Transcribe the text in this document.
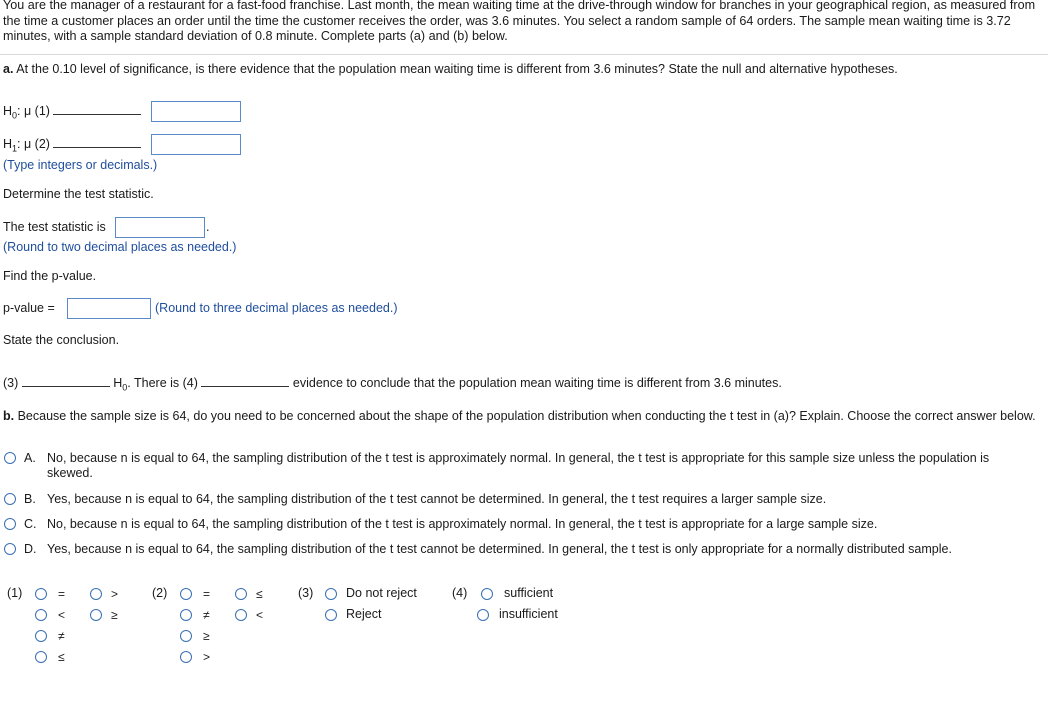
You are the manager of a restaurant for a fast-food franchise. Last month, the mean waiting time at the drive-through window for branches in your geographical region, as measured from the time a customer places an order until the time the customer receives the order, was 3.6 minutes. You select a random sample of 64 orders. The sample mean waiting time is 3.72 minutes, with a sample standard deviation of 0.8 minute. Complete parts (a) and (b) below.
a. At the 0.10 level of significance, is there evidence that the population mean waiting time is different from 3.6 minutes? State the null and alternative hypotheses.
$H_0$: μ (1)
$H_1$: μ (2)
(Type integers or decimals.)
Determine the test statistic.
The test statistic is	.
(Round to two decimal places as needed.)
Find the p-value.
p-value =	(Round to three decimal places as needed.)
State the conclusion.
(3)	$H_0$. There is (4)	evidence to conclude that the population mean waiting time is different from 3.6 minutes.
b. Because the sample size is 64, do you need to be concerned about the shape of the population distribution when conducting the t test in (a)? Explain. Choose the correct answer below.
A. No, because n is equal to 64, the sampling distribution of the t test is approximately normal. In general, the t test is appropriate for this sample size unless the population is
skewed.
B. Yes, because n is equal to 64, the sampling distribution of the t test cannot be determined. In general, the t test requires a larger sample size.
C. No, because n is equal to 64, the sampling distribution of the t test is approximately normal. In general, the t test is appropriate for a large sample size.
D. Yes, because n is equal to 64, the sampling distribution of the t test cannot be determined. In general, the t test is only appropriate for a normally distributed sample.
(1)	=	>
<	≥
≠
≤
(2)	=	≤
≠	<
≥
>
(3)	Do not reject
Reject
(4)	sufficient
insufficient
